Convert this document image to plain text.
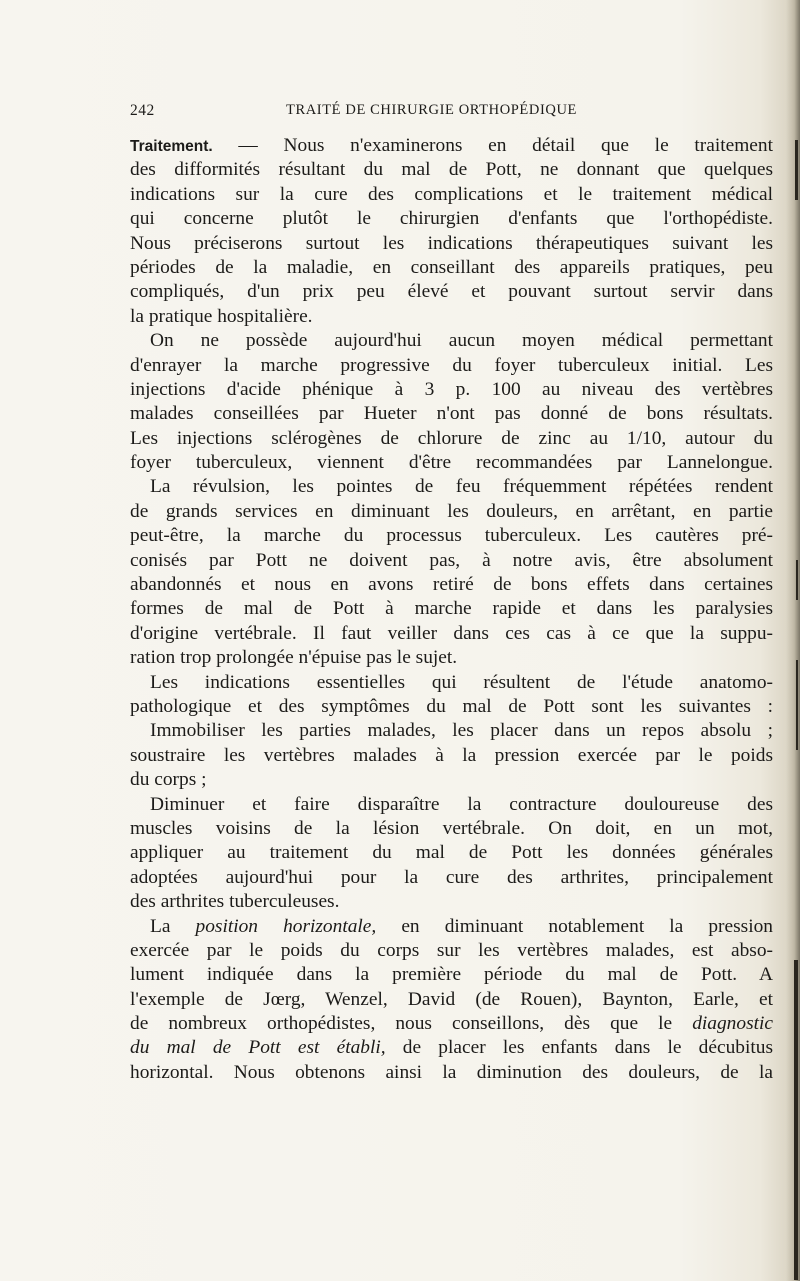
242	TRAITÉ DE CHIRURGIE ORTHOPÉDIQUE
Traitement. — Nous n'examinerons en détail que le traitement
des difformités résultant du mal de Pott, ne donnant que quelques
indications sur la cure des complications et le traitement médical
qui concerne plutôt le chirurgien d'enfants que l'orthopédiste.
Nous préciserons surtout les indications thérapeutiques suivant les
périodes de la maladie, en conseillant des appareils pratiques, peu
compliqués, d'un prix peu élevé et pouvant surtout servir dans
la pratique hospitalière.
On ne possède aujourd'hui aucun moyen médical permettant
d'enrayer la marche progressive du foyer tuberculeux initial. Les
injections d'acide phénique à 3 p. 100 au niveau des vertèbres
malades conseillées par Hueter n'ont pas donné de bons résultats.
Les injections sclérogènes de chlorure de zinc au 1/10, autour du
foyer tuberculeux, viennent d'être recommandées par Lannelongue.
La révulsion, les pointes de feu fréquemment répétées rendent
de grands services en diminuant les douleurs, en arrêtant, en partie
peut-être, la marche du processus tuberculeux. Les cautères pré-
conisés par Pott ne doivent pas, à notre avis, être absolument
abandonnés et nous en avons retiré de bons effets dans certaines
formes de mal de Pott à marche rapide et dans les paralysies
d'origine vertébrale. Il faut veiller dans ces cas à ce que la suppu-
ration trop prolongée n'épuise pas le sujet.
Les indications essentielles qui résultent de l'étude anatomo-
pathologique et des symptômes du mal de Pott sont les suivantes :
Immobiliser les parties malades, les placer dans un repos absolu ;
soustraire les vertèbres malades à la pression exercée par le poids
du corps ;
Diminuer et faire disparaître la contracture douloureuse des
muscles voisins de la lésion vertébrale. On doit, en un mot,
appliquer au traitement du mal de Pott les données générales
adoptées aujourd'hui pour la cure des arthrites, principalement
des arthrites tuberculeuses.
La position horizontale, en diminuant notablement la pression
exercée par le poids du corps sur les vertèbres malades, est abso-
lument indiquée dans la première période du mal de Pott. A
l'exemple de Jœrg, Wenzel, David (de Rouen), Baynton, Earle, et
de nombreux orthopédistes, nous conseillons, dès que le diagnostic
du mal de Pott est établi, de placer les enfants dans le décubitus
horizontal. Nous obtenons ainsi la diminution des douleurs, de la
